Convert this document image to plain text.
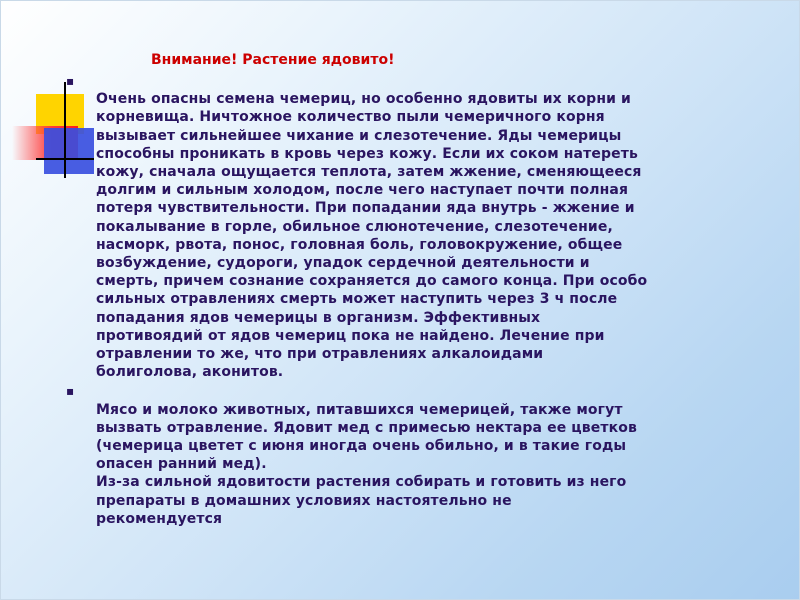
Внимание! Растение ядовито!

▪
Очень опасны семена чемериц, но особенно ядовиты их корни и
корневища. Ничтожное количество пыли чемеричного корня
вызывает сильнейшее чихание и слезотечение. Яды чемерицы
способны проникать в кровь через кожу. Если их соком натереть
кожу, сначала ощущается теплота, затем жжение, сменяющееся
долгим и сильным холодом, после чего наступает почти полная
потеря чувствительности. При попадании яда внутрь - жжение и
покалывание в горле, обильное слюнотечение, слезотечение,
насморк, рвота, понос, головная боль, головокружение, общее
возбуждение, судороги, упадок сердечной деятельности и
смерть, причем сознание сохраняется до самого конца. При особо
сильных отравлениях смерть может наступить через 3 ч после
попадания ядов чемерицы в организм. Эффективных
противоядий от ядов чемериц пока не найдено. Лечение при
отравлении то же, что при отравлениях алкалоидами
болиголова, аконитов.

▪
Мясо и молоко животных, питавшихся чемерицей, также могут
вызвать отравление. Ядовит мед с примесью нектара ее цветков
(чемерица цветет с июня иногда очень обильно, и в такие годы
опасен ранний мед).
Из-за сильной ядовитости растения собирать и готовить из него
препараты в домашних условиях настоятельно не
рекомендуется
